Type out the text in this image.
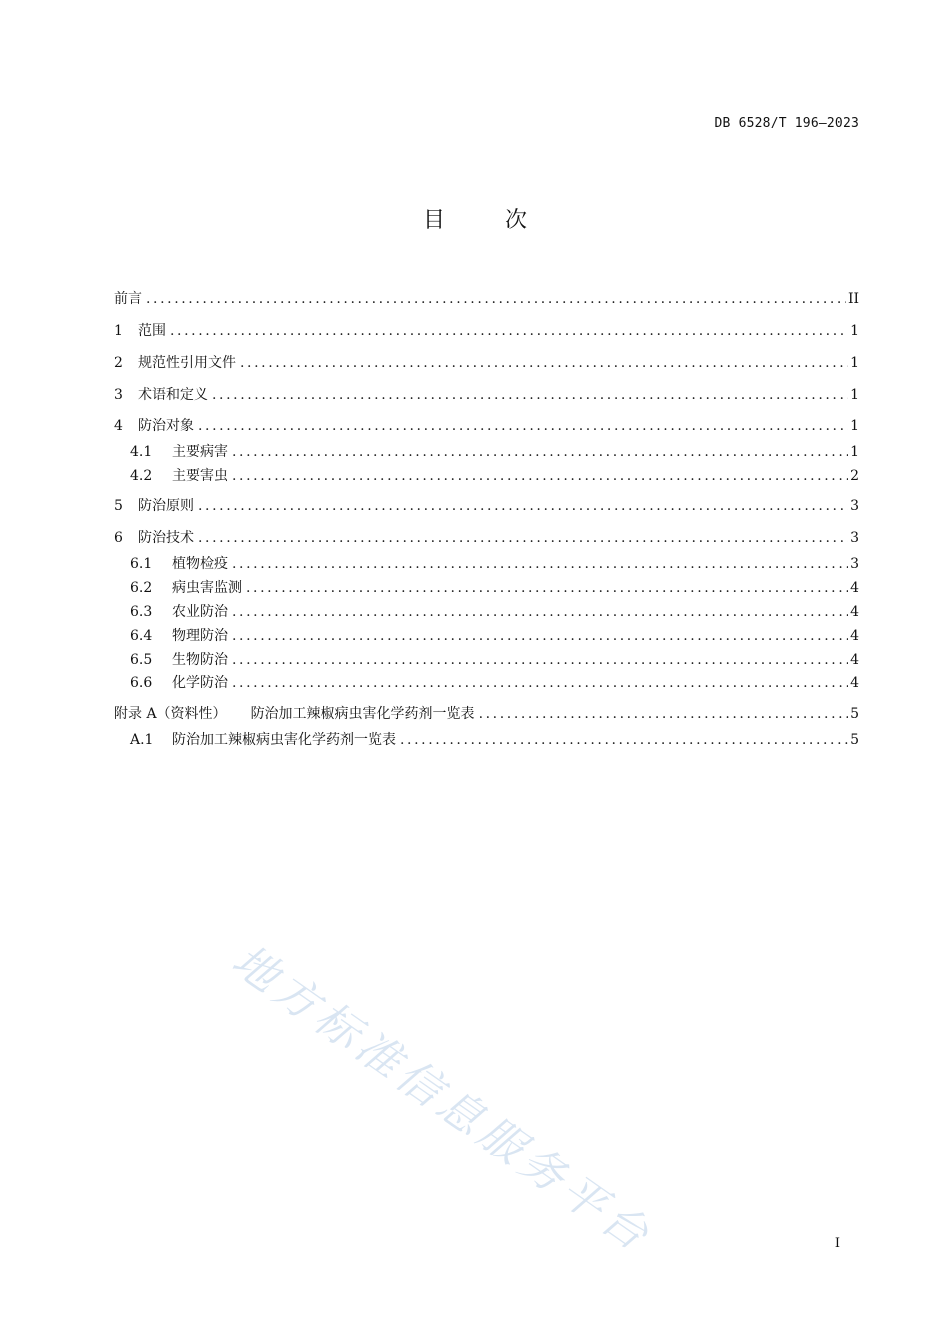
DB 6528/T 196—2023
目	次
前言 .....	II
1	范围 .....	1
2	规范性引用文件 .....	1
3	术语和定义 .....	1
4	防治对象 .....	1
4.1	主要病害 .....	1
4.2	主要害虫 .....	2
5	防治原则 .....	3
6	防治技术 .....	3
6.1	植物检疫 .....	3
6.2	病虫害监测 .....	4
6.3	农业防治 .....	4
6.4	物理防治 .....	4
6.5	生物防治 .....	4
6.6	化学防治 .....	4
附录 A（资料性） 防治加工辣椒病虫害化学药剂一览表 .....	5
A.1	防治加工辣椒病虫害化学药剂一览表 .....	5
地方标准信息服务平台	I
